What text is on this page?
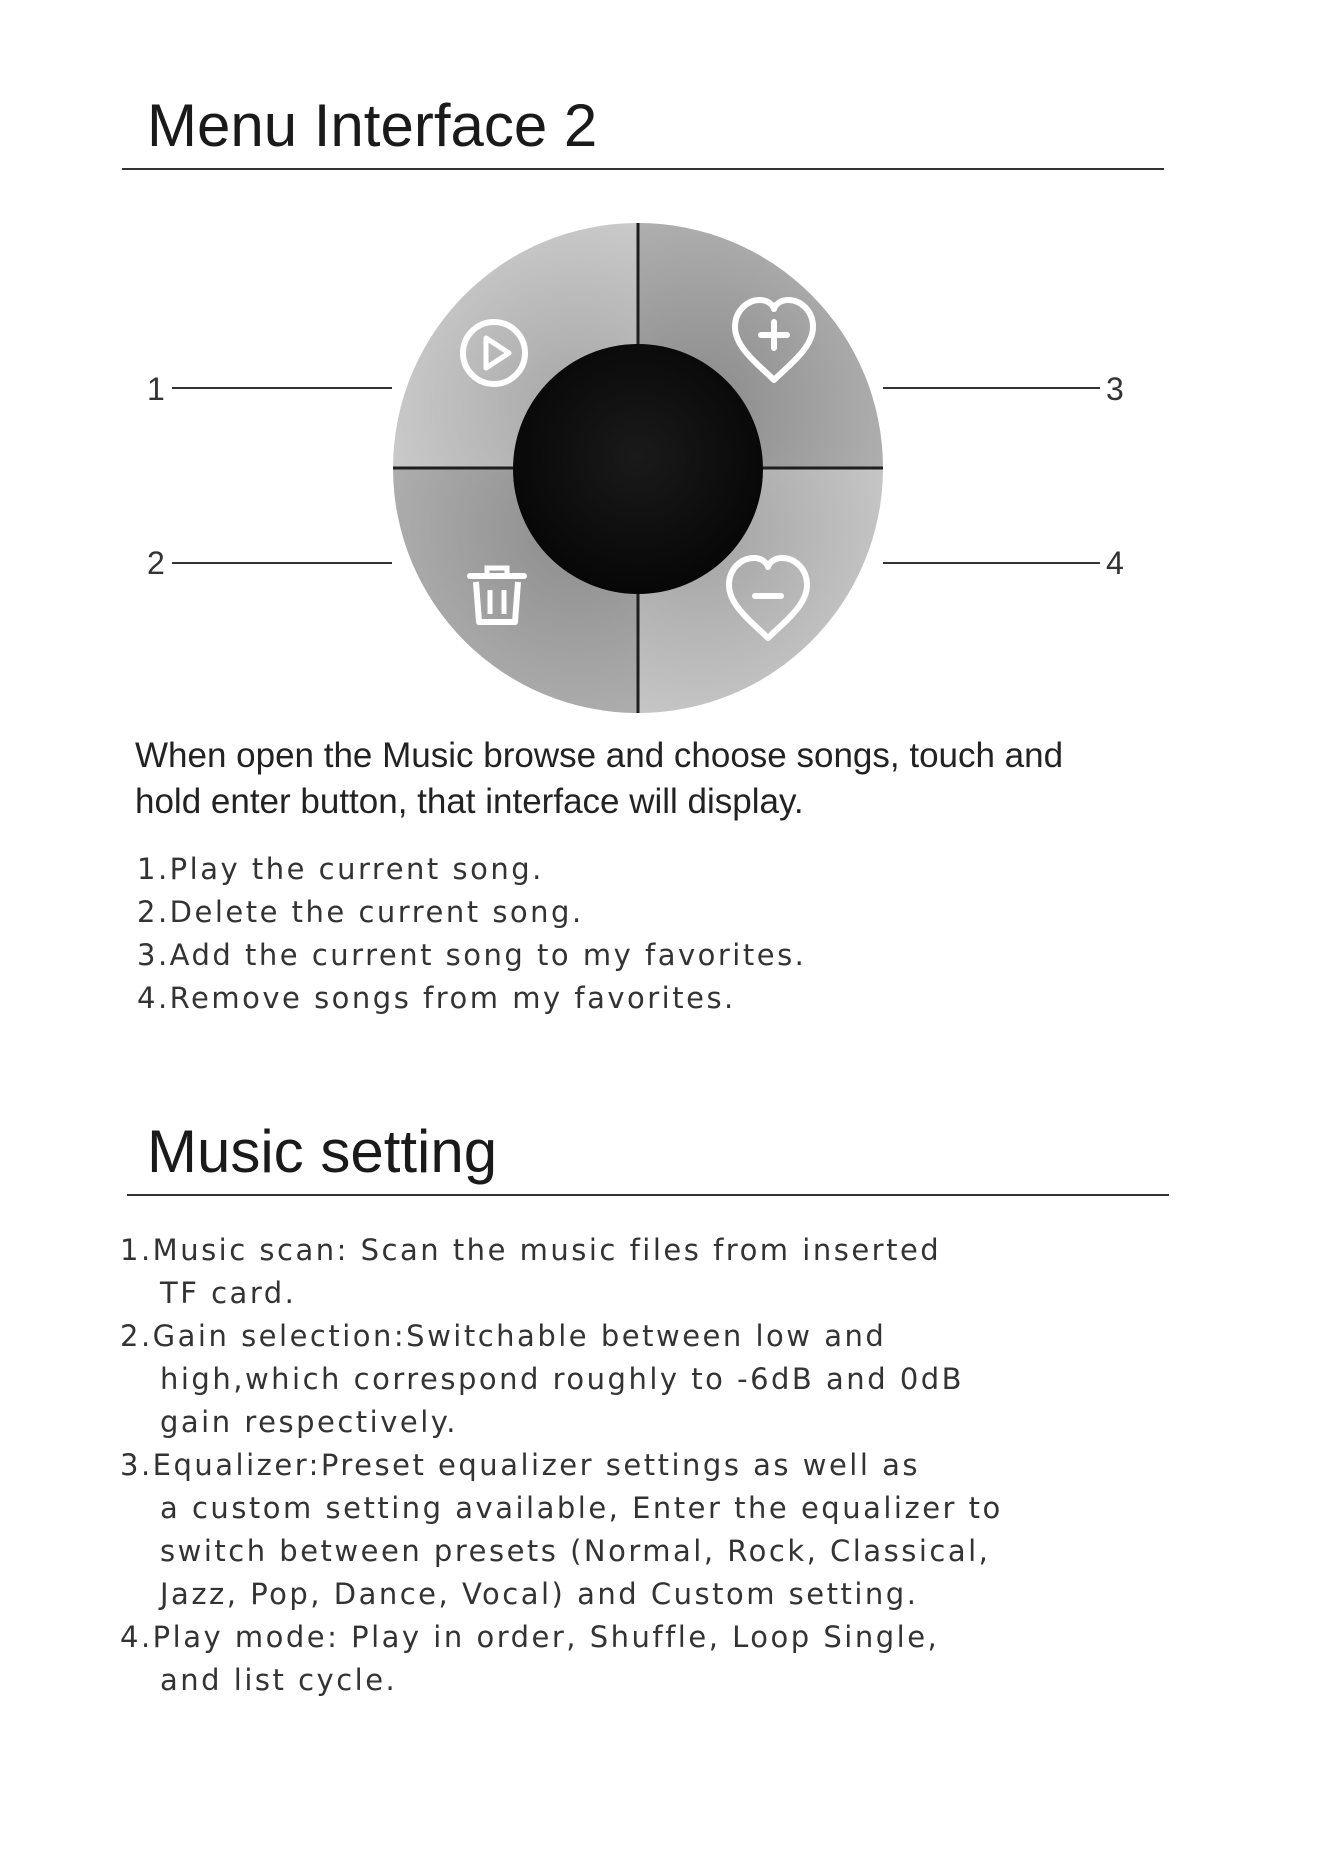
Menu Interface 2
1
2
3
4

When open the Music browse and choose songs, touch and
hold enter button, that interface will display.

1.Play the current song.
2.Delete the current song.
3.Add the current song to my favorites.
4.Remove songs from my favorites.
Music setting
1.Music scan: Scan the music files from inserted
TF card.
2.Gain selection:Switchable between low and
high,which correspond roughly to -6dB and 0dB
gain respectively.
3.Equalizer:Preset equalizer settings as well as
a custom setting available, Enter the equalizer to
switch between presets (Normal, Rock, Classical,
Jazz, Pop, Dance, Vocal) and Custom setting.
4.Play mode: Play in order, Shuffle, Loop Single,
and list cycle.
